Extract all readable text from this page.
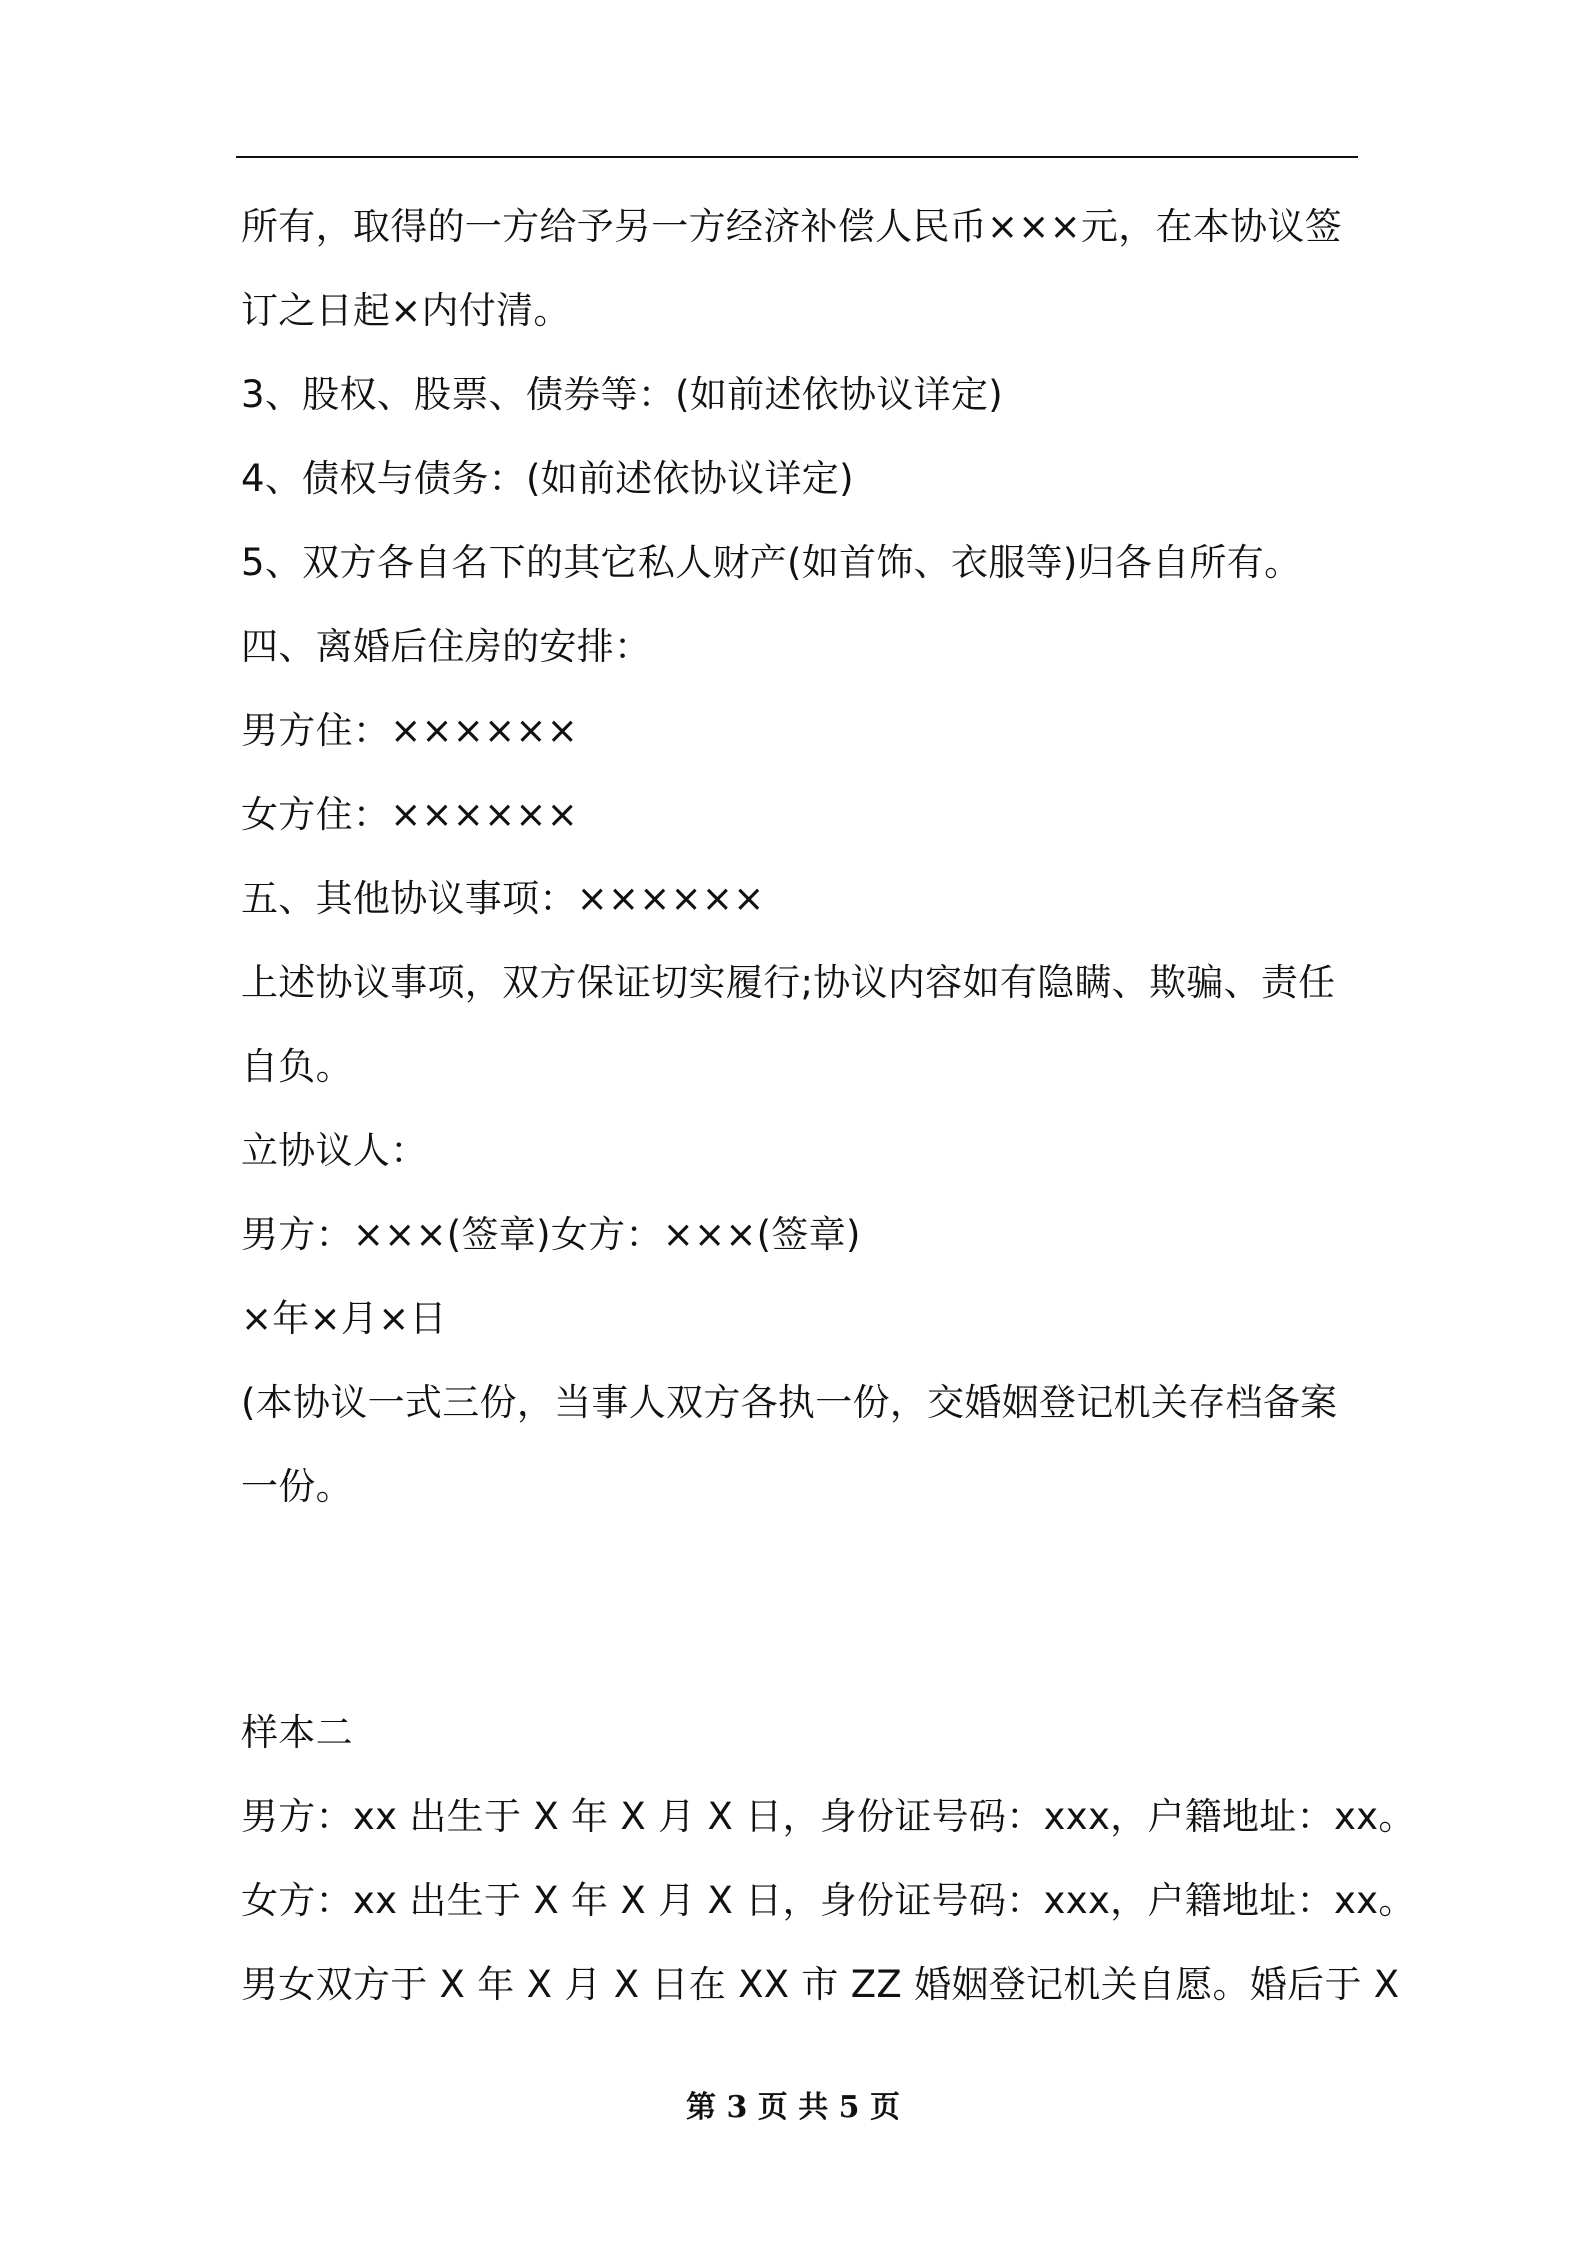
所有，取得的一方给予另一方经济补偿人民币×××元，在本协议签
订之日起×内付清。
3、股权、股票、债券等：(如前述依协议详定)
4、债权与债务：(如前述依协议详定)
5、双方各自名下的其它私人财产(如首饰、衣服等)归各自所有。
四、离婚后住房的安排：
男方住：××××××
女方住：××××××
五、其他协议事项：××××××
上述协议事项，双方保证切实履行;协议内容如有隐瞒、欺骗、责任
自负。
立协议人：
男方：×××(签章)女方：×××(签章)
×年×月×日
(本协议一式三份，当事人双方各执一份，交婚姻登记机关存档备案
一份。
样本二
男方：xx 出生于 X 年 X 月 X 日，身份证号码：xxx，户籍地址：xx。
女方：xx 出生于 X 年 X 月 X 日，身份证号码：xxx，户籍地址：xx。
男女双方于 X 年 X 月 X 日在 XX 市 ZZ 婚姻登记机关自愿。婚后于 X
第 3 页 共 5 页
